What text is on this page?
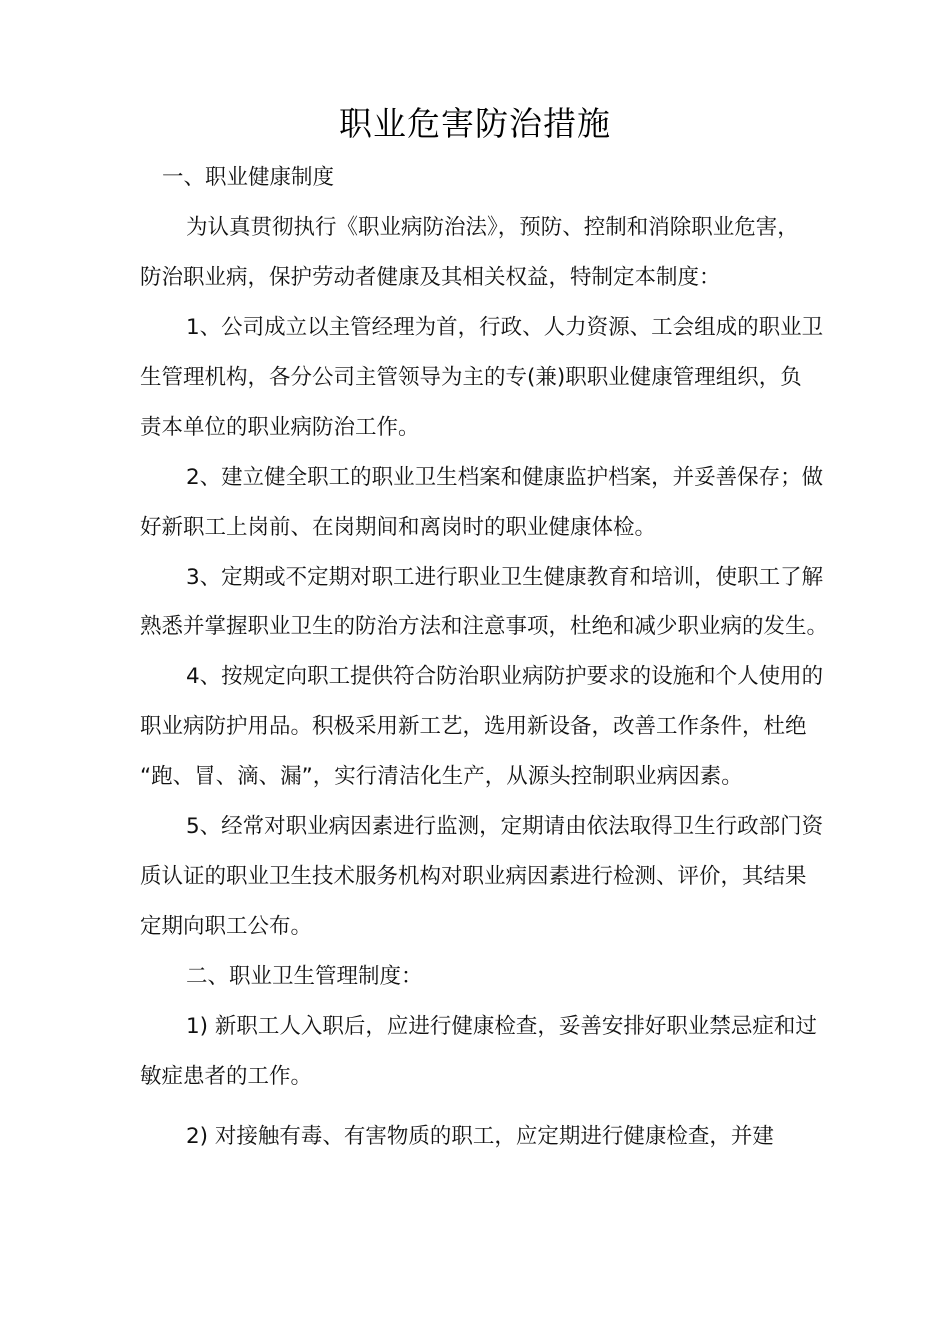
职业危害防治措施
一、职业健康制度
为认真贯彻执行《职业病防治法》，预防、控制和消除职业危害，
防治职业病，保护劳动者健康及其相关权益，特制定本制度：
1、公司成立以主管经理为首，行政、人力资源、工会组成的职业卫
生管理机构，各分公司主管领导为主的专(兼)职职业健康管理组织，负
责本单位的职业病防治工作。
2、建立健全职工的职业卫生档案和健康监护档案，并妥善保存；做
好新职工上岗前、在岗期间和离岗时的职业健康体检。
3、定期或不定期对职工进行职业卫生健康教育和培训，使职工了解
熟悉并掌握职业卫生的防治方法和注意事项，杜绝和减少职业病的发生。
4、按规定向职工提供符合防治职业病防护要求的设施和个人使用的
职业病防护用品。积极采用新工艺，选用新设备，改善工作条件，杜绝
“跑、冒、滴、漏”，实行清洁化生产，从源头控制职业病因素。
5、经常对职业病因素进行监测，定期请由依法取得卫生行政部门资
质认证的职业卫生技术服务机构对职业病因素进行检测、评价，其结果
定期向职工公布。
二、职业卫生管理制度：
1) 新职工人入职后，应进行健康检查，妥善安排好职业禁忌症和过
敏症患者的工作。
2) 对接触有毒、有害物质的职工，应定期进行健康检查，并建
